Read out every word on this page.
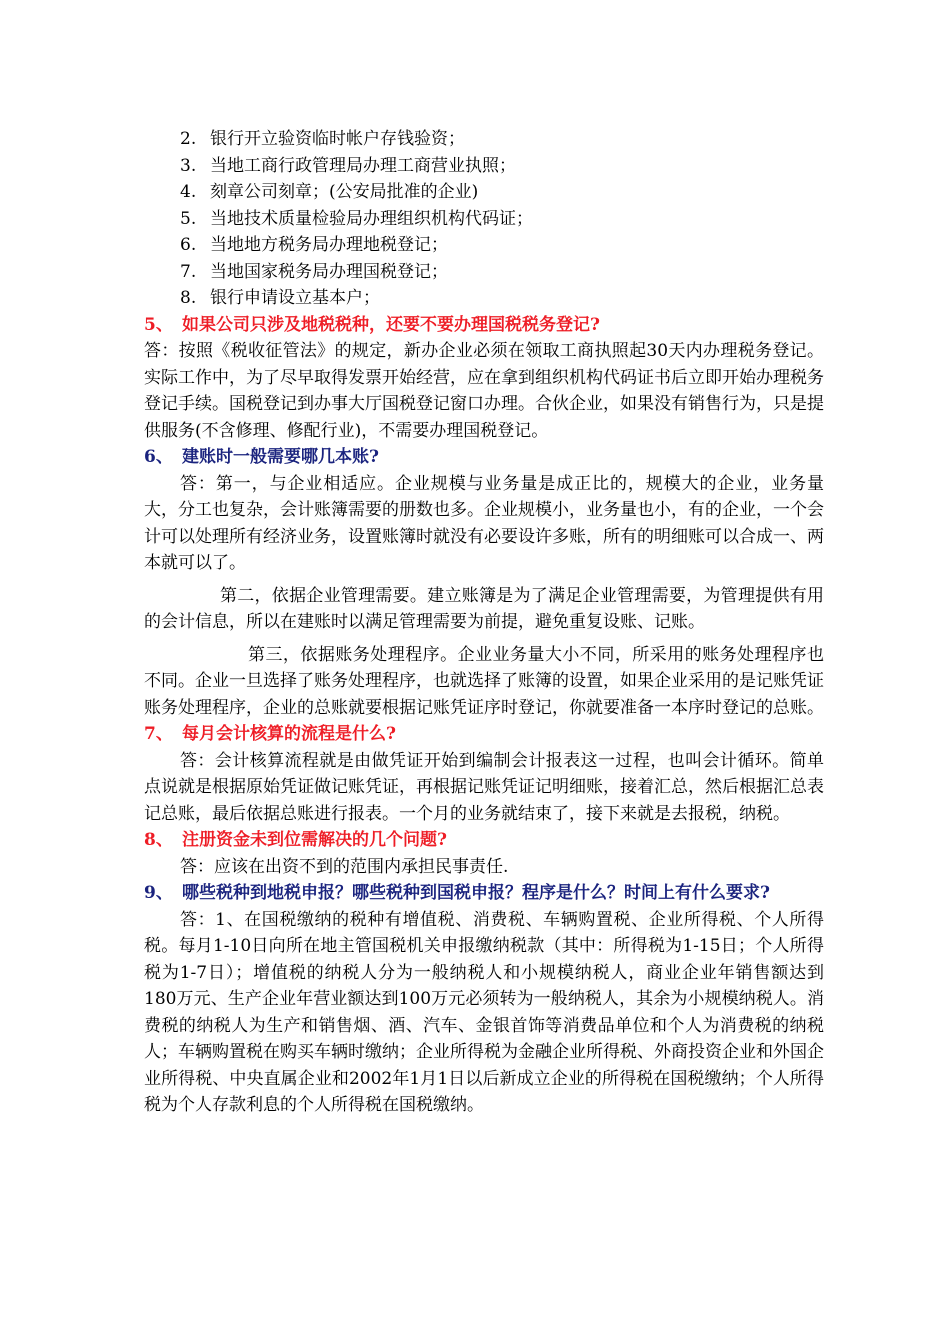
2. 银行开立验资临时帐户存钱验资；
3. 当地工商行政管理局办理工商营业执照；
4. 刻章公司刻章；(公安局批准的企业)
5. 当地技术质量检验局办理组织机构代码证；
6. 当地地方税务局办理地税登记；
7. 当地国家税务局办理国税登记；
8. 银行申请设立基本户；
5、 如果公司只涉及地税税种，还要不要办理国税税务登记?

答：按照《税收征管法》的规定，新办企业必须在领取工商执照起30天内办理税务登记。实际工作中，为了尽早取得发票开始经营，应在拿到组织机构代码证书后立即开始办理税务登记手续。国税登记到办事大厅国税登记窗口办理。合伙企业，如果没有销售行为，只是提供服务(不含修理、修配行业)，不需要办理国税登记。

6、 建账时一般需要哪几本账?

答：第一，与企业相适应。企业规模与业务量是成正比的，规模大的企业，业务量大，分工也复杂，会计账簿需要的册数也多。企业规模小，业务量也小，有的企业，一个会计可以处理所有经济业务，设置账簿时就没有必要设许多账，所有的明细账可以合成一、两本就可以了。

第二，依据企业管理需要。建立账簿是为了满足企业管理需要，为管理提供有用的会计信息，所以在建账时以满足管理需要为前提，避免重复设账、记账。

第三，依据账务处理程序。企业业务量大小不同，所采用的账务处理程序也不同。企业一旦选择了账务处理程序，也就选择了账簿的设置，如果企业采用的是记账凭证账务处理程序，企业的总账就要根据记账凭证序时登记，你就要准备一本序时登记的总账。

7、 每月会计核算的流程是什么?

答：会计核算流程就是由做凭证开始到编制会计报表这一过程，也叫会计循环。简单点说就是根据原始凭证做记账凭证，再根据记账凭证记明细账，接着汇总，然后根据汇总表记总账，最后依据总账进行报表。一个月的业务就结束了，接下来就是去报税，纳税。

8、 注册资金未到位需解决的几个问题?

答：应该在出资不到的范围内承担民事责任.

9、 哪些税种到地税申报？哪些税种到国税申报？程序是什么？时间上有什么要求?

答：1、在国税缴纳的税种有增值税、消费税、车辆购置税、企业所得税、个人所得税。每月1-10日向所在地主管国税机关申报缴纳税款（其中：所得税为1-15日；个人所得税为1-7日）；增值税的纳税人分为一般纳税人和小规模纳税人，商业企业年销售额达到180万元、生产企业年营业额达到100万元必须转为一般纳税人，其余为小规模纳税人。消费税的纳税人为生产和销售烟、酒、汽车、金银首饰等消费品单位和个人为消费税的纳税人；车辆购置税在购买车辆时缴纳；企业所得税为金融企业所得税、外商投资企业和外国企业所得税、中央直属企业和2002年1月1日以后新成立企业的所得税在国税缴纳；个人所得税为个人存款利息的个人所得税在国税缴纳。
